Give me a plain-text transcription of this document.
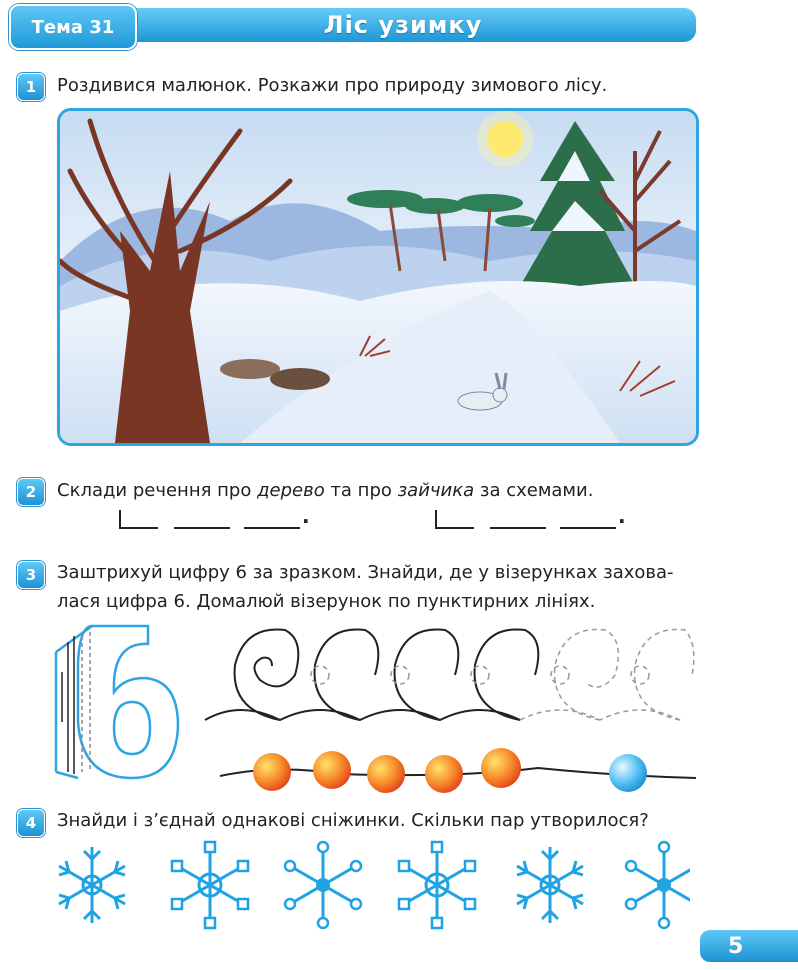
Тема 31	Ліс узимку
1	Роздивися малюнок. Розкажи про природу зимового лісу.
2	Склади речення про дерево та про зайчика за схемами.
.	.
3	Заштрихуй цифру 6 за зразком. Знайди, де у візерунках захова-
лася цифра 6. Домалюй візерунок по пунктирних лініях.
4	Знайди і з’єднай однакові сніжинки. Скільки пар утворилося?
5
